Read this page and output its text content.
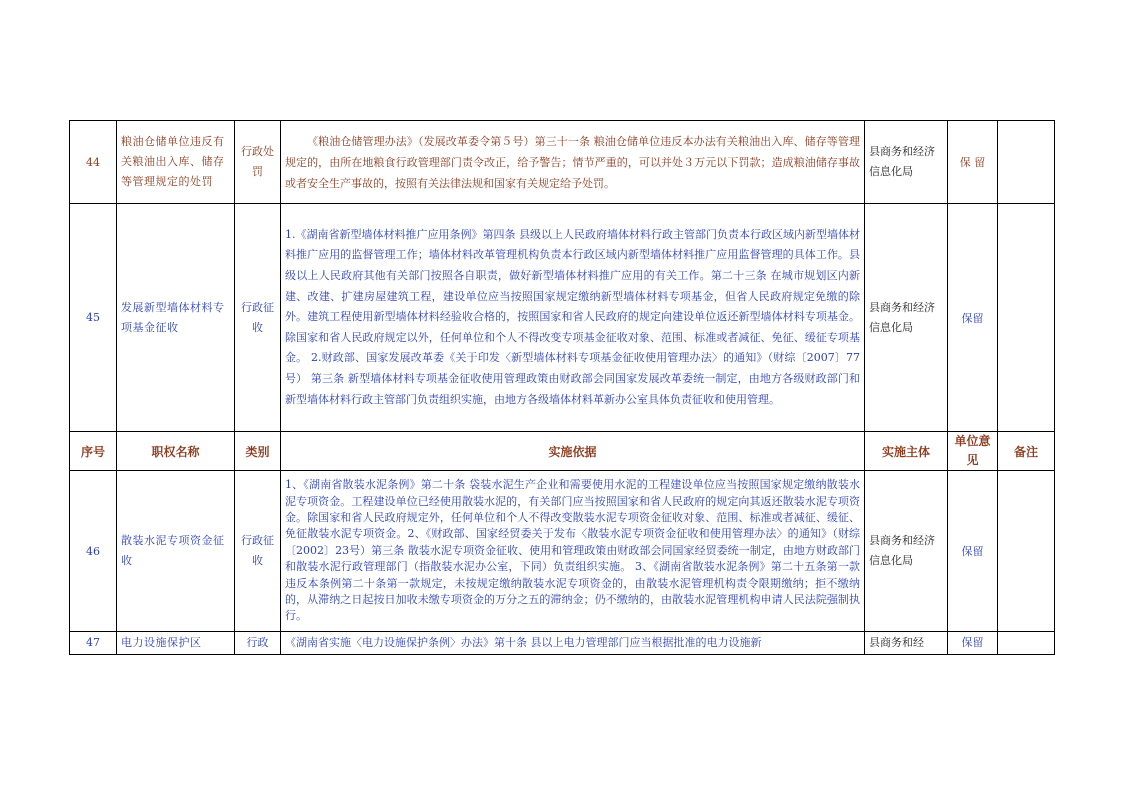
44	粮油仓储单位违反有关粮油出入库、储存等管理规定的处罚	行政处罚	《粮油仓储管理办法》（发展改革委令第５号）第三十一条 粮油仓储单位违反本办法有关粮油出入库、储存等管理规定的，由所在地粮食行政管理部门责令改正，给予警告；情节严重的，可以并处３万元以下罚款；造成粮油储存事故或者安全生产事故的，按照有关法律法规和国家有关规定给予处罚。	县商务和经济信息化局	保 留	
45	发展新型墙体材料专项基金征收	行政征收	1.《湖南省新型墙体材料推广应用条例》第四条 县级以上人民政府墙体材料行政主管部门负责本行政区域内新型墙体材料推广应用的监督管理工作；墙体材料改革管理机构负责本行政区域内新型墙体材料推广应用监督管理的具体工作。县级以上人民政府其他有关部门按照各自职责，做好新型墙体材料推广应用的有关工作。第二十三条 在城市规划区内新建、改建、扩建房屋建筑工程，建设单位应当按照国家规定缴纳新型墙体材料专项基金，但省人民政府规定免缴的除外。建筑工程使用新型墙体材料经验收合格的，按照国家和省人民政府的规定向建设单位返还新型墙体材料专项基金。除国家和省人民政府规定以外，任何单位和个人不得改变专项基金征收对象、范围、标准或者减征、免征、缓征专项基金。 2.财政部、国家发展改革委《关于印发〈新型墙体材料专项基金征收使用管理办法〉的通知》（财综〔2007〕77号） 第三条 新型墙体材料专项基金征收使用管理政策由财政部会同国家发展改革委统一制定，由地方各级财政部门和新型墙体材料行政主管部门负责组织实施，由地方各级墙体材料革新办公室具体负责征收和使用管理。	县商务和经济信息化局	保留	
序号	职权名称	类别	实施依据	实施主体	单位意见	备注
46	散装水泥专项资金征收	行政征收	1、《湖南省散装水泥条例》第二十条 袋装水泥生产企业和需要使用水泥的工程建设单位应当按照国家规定缴纳散装水泥专项资金。工程建设单位已经使用散装水泥的，有关部门应当按照国家和省人民政府的规定向其返还散装水泥专项资金。除国家和省人民政府规定外，任何单位和个人不得改变散装水泥专项资金征收对象、范围、标准或者减征、缓征、免征散装水泥专项资金。2、《财政部、国家经贸委关于发布〈散装水泥专项资金征收和使用管理办法〉的通知》（财综〔2002〕23号）第三条 散装水泥专项资金征收、使用和管理政策由财政部会同国家经贸委统一制定，由地方财政部门和散装水泥行政管理部门（指散装水泥办公室，下同）负责组织实施。 3、《湖南省散装水泥条例》第二十五条第一款 违反本条例第二十条第一款规定，未按规定缴纳散装水泥专项资金的，由散装水泥管理机构责令限期缴纳；拒不缴纳的，从滞纳之日起按日加收未缴专项资金的万分之五的滞纳金；仍不缴纳的，由散装水泥管理机构申请人民法院强制执行。	县商务和经济信息化局	保留	
47	电力设施保护区	行政	《湖南省实施〈电力设施保护条例〉办法》第十条 县以上电力管理部门应当根据批准的电力设施新	县商务和经	保留	
